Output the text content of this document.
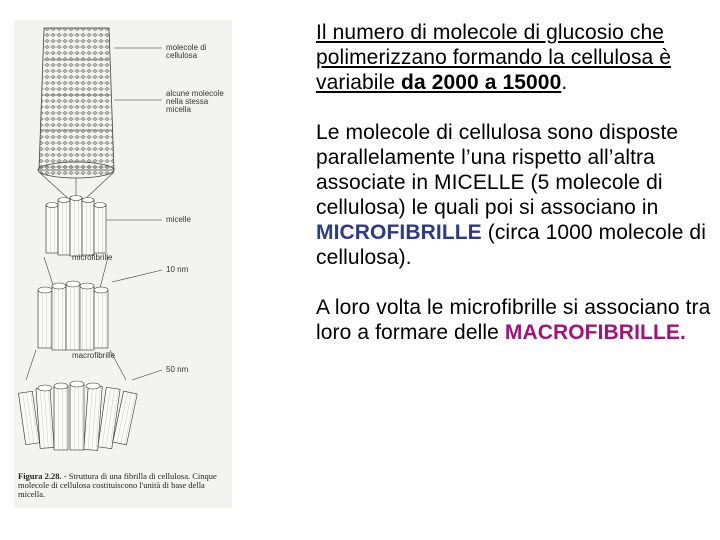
molecole di cellulosa
alcune molecole nella stessa micella
micelle
microfibrille
10 nm
macrofibrille
50 nm
Figura 2.28. - Struttura di una fibrilla di cellulosa. Cinque molecole di cellulosa costituiscono l'unità di base della micella.

Il numero di molecole di glucosio che polimerizzano formando la cellulosa è variabile da 2000 a 15000.

Le molecole di cellulosa sono disposte parallelamente l’una rispetto all’altra associate in MICELLE (5 molecole di cellulosa) le quali poi si associano in MICROFIBRILLE (circa 1000 molecole di cellulosa).

A loro volta le microfibrille si associano tra loro a formare delle MACROFIBRILLE.
